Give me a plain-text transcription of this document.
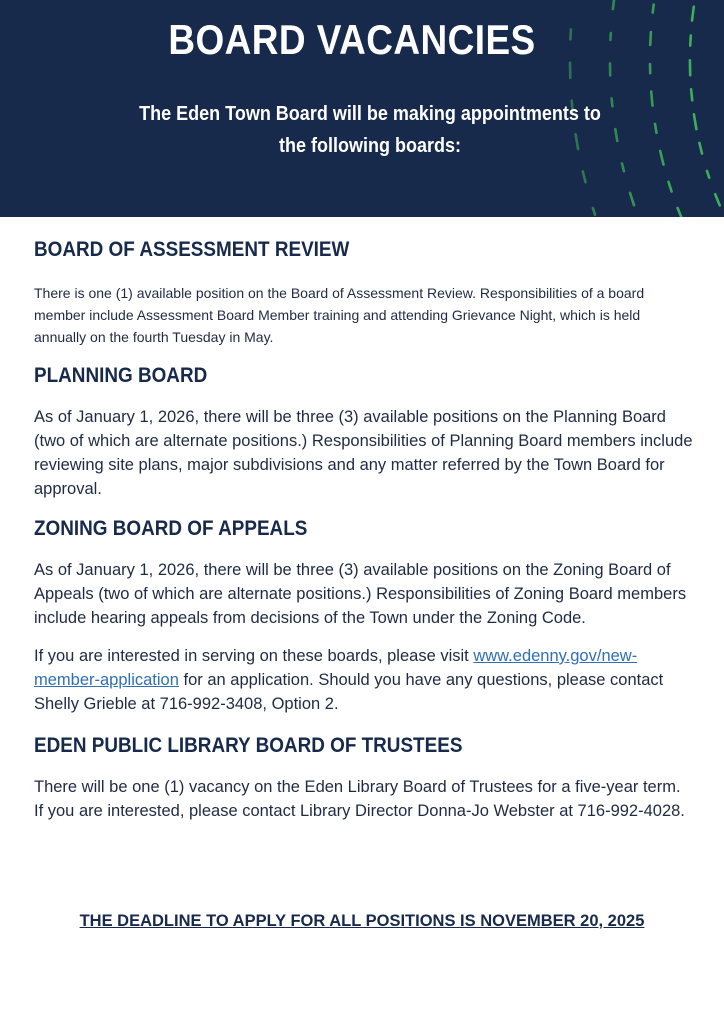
BOARD VACANCIES
The Eden Town Board will be making appointments to
the following boards:
BOARD OF ASSESSMENT REVIEW

There is one (1) available position on the Board of Assessment Review. Responsibilities of a board member include Assessment Board Member training and attending Grievance Night, which is held annually on the fourth Tuesday in May.

PLANNING BOARD

As of January 1, 2026, there will be three (3) available positions on the Planning Board (two of which are alternate positions.) Responsibilities of Planning Board members include reviewing site plans, major subdivisions and any matter referred by the Town Board for approval.

ZONING BOARD OF APPEALS

As of January 1, 2026, there will be three (3) available positions on the Zoning Board of Appeals (two of which are alternate positions.) Responsibilities of Zoning Board members include hearing appeals from decisions of the Town under the Zoning Code.

If you are interested in serving on these boards, please visit www.edenny.gov/new-member-application for an application. Should you have any questions, please contact Shelly Grieble at 716-992-3408, Option 2.

EDEN PUBLIC LIBRARY BOARD OF TRUSTEES

There will be one (1) vacancy on the Eden Library Board of Trustees for a five-year term. If you are interested, please contact Library Director Donna-Jo Webster at 716-992-4028.

THE DEADLINE TO APPLY FOR ALL POSITIONS IS NOVEMBER 20, 2025
